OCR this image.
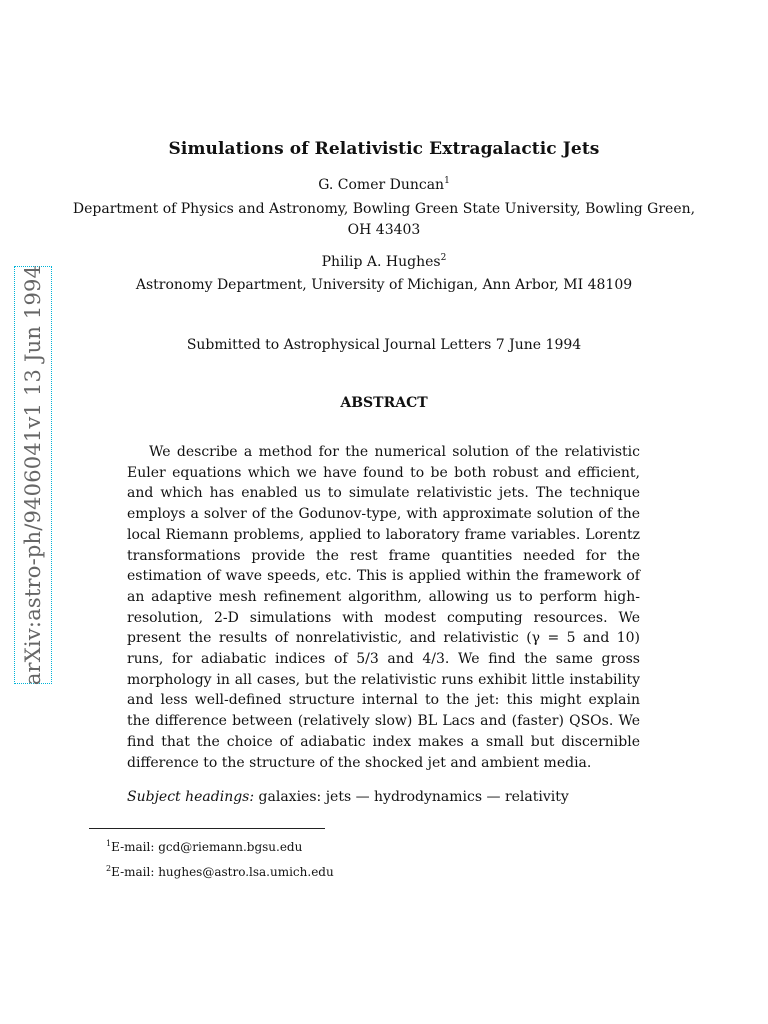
arXiv:astro-ph/9406041v1 13 Jun 1994
Simulations of Relativistic Extragalactic Jets
G. Comer Duncan$^1$
Department of Physics and Astronomy, Bowling Green State University, Bowling Green,
OH 43403
Philip A. Hughes$^2$
Astronomy Department, University of Michigan, Ann Arbor, MI 48109
Submitted to Astrophysical Journal Letters 7 June 1994
ABSTRACT

We describe a method for the numerical solution of the relativistic Euler equations which we have found to be both robust and efficient, and which has enabled us to simulate relativistic jets. The technique employs a solver of the Godunov-type, with approximate solution of the local Riemann problems, applied to laboratory frame variables. Lorentz transformations provide the rest frame quantities needed for the estimation of wave speeds, etc. This is applied within the framework of an adaptive mesh refinement algorithm, allowing us to perform high-resolution, 2-D simulations with modest computing resources. We present the results of nonrelativistic, and relativistic (γ = 5 and 10) runs, for adiabatic indices of 5/3 and 4/3. We find the same gross morphology in all cases, but the relativistic runs exhibit little instability and less well-defined structure internal to the jet: this might explain the difference between (relatively slow) BL Lacs and (faster) QSOs. We find that the choice of adiabatic index makes a small but discernible difference to the structure of the shocked jet and ambient media.

Subject headings: galaxies: jets — hydrodynamics — relativity
$^1$E-mail: gcd@riemann.bgsu.edu
$^2$E-mail: hughes@astro.lsa.umich.edu
